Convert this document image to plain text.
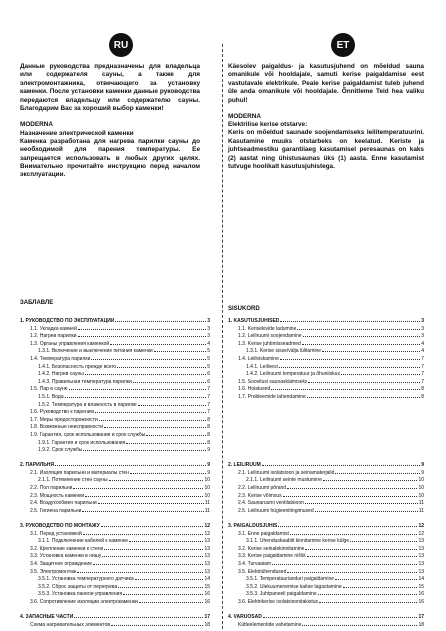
RU	ET

Данные руководства предназначены для владельца или содержателя сауны, а также для электромонтажника, отвечающего за установку каменки. После установки каменки данные руководства передаются владельцу или содержателю сауны. Благодарим Вас за хороший выбор каменки!

MODERNA

Назначение электрической каменки

Каменка разработана для нагрева парилки сауны до необходимой для парения температуры. Ее запрещается использовать в любых других целях. Внимательно прочитайте инструкцию перед началом эксплуатации.

Käesolev paigaldus- ja kasutusjuhend on mõeldud sauna omanikule või hooldajale, samuti kerise paigaldamise eest vastutavale elektrikule. Peale kerise paigaldamist tuleb juhend üle anda omanikule või hooldajale. Õnnitleme Teid hea valiku puhul!

MODERNA

Elektrilise kerise otstarve:

Keris on mõeldud saunade soojendamiseks leilitemperatuurini. Kasutamine muuks otstarbeks on keelatud. Keriste ja juhtseadmestiku garantiiaeg kasutamisel peresaunas on kaks (2) aastat ning ühistusaunas üks (1) aasta. Enne kasutamist tutvuge hoolikalt kasutusjuhistega.

ЗАБЛАВЛЕ
SISUKORD
1. РУКОВОДСТВО ПО ЭКСПЛУАТАЦИИ	3
1.1. Укладка камней	3
1.2. Нагрев парилки	3
1.3. Органы управления каменкой	4
1.3.1. Включение и выключение питания каменки	5
1.4. Температура парилки	5
1.4.1. Безопасность прежде всего	5
1.4.2. Нагрев сауны	6
1.4.3. Правильная температура парилки	6
1.5. Пар в сауне	7
1.5.1. Вода	7
1.5.2. Температура и влажность в парилке	7
1.6. Руководство к парению	7
1.7. Меры предосторожности	8
1.8. Возможные неисправности	8
1.9. Гарантия, срок использования и срок службы	8
1.9.1. Гарантия и срок использования	8
1.9.2. Срок службы	9
2. ПАРИЛЬНЯ	9
2.1. Изоляция парильни и материалы стен	9
2.1.1. Потемнение стен сауны	10
2.2. Пол парильни	10
2.3. Мощность каменки	10
2.4. Воздухообмен парильни	11
2.5. Гигиена парильни	11
3. РУКОВОДСТВО ПО МОНТАЖУ	12
3.1. Перед установкой	12
3.1.1. Подключение кабелей к каменке	13
3.2. Крепление каменки к стене	13
3.3. Установка каменки в нишу	13
3.4. Защитное ограждение	13
3.5. Электромонтаж	13
3.5.1. Установка температурного датчика	14
3.5.2. Сброс защиты от перегрева	15
3.5.3. Установка панели управления	16
3.6. Сопротивление изоляции электрокаменки	16
4. ЗАПАСНЫЕ ЧАСТИ	17
Схема нагревательных элементов	18
1. KASUTUSJUHISED	3
1.1. Kerisekivide ladumine	3
1.2. Leiliruumi soojendamine	3
1.3. Kerise juhtimisseadmed	4
1.3.1. Kerise sisse/välja lülitamine	4
1.4. Leiliviskamine	7
1.4.1. Leilivesi	7
1.4.2. Leiliruumi temperatuur ja õhuniiskus	7
1.5. Soovitusi saunaskäimiseks	7
1.6. Hoiatused	8
1.7. Probleemide lahendamine	8
2. LEILIRUUM	9
2.1. Leiliruumi isolatsioon ja seinamaterjalid	9
2.1.1. Leiliruumi seinte mustumine	10
2.2. Leiliruumi põrand	10
2.3. Kerise võimsus	10
2.4. Saunaruumi ventilatsioon	11
2.5. Leiliruumi hügieenitingimused	11
3. PAIGALDUSJUHIS	12
3.1. Enne paigaldamist	12
3.1.1. Ühenduskaablit kinnitamine kerise külge	13
3.2. Kerise seinalekinnitamine	13
3.3. Kerise paigaldamine niššii	13
3.4. Turvaaiam	13
3.5. Elektriühendused	13
3.5.1. Temperatuurianduri paigaldamine	14
3.5.2. Ülekuumenemise kaitse tagastamine	15
3.5.3. Juhtpaneeli paigaldamine	16
3.6. Elektrikerise isolatsioonitakistus	16
4. VARUOSAD	17
Kütteelementide vahetamine	18
